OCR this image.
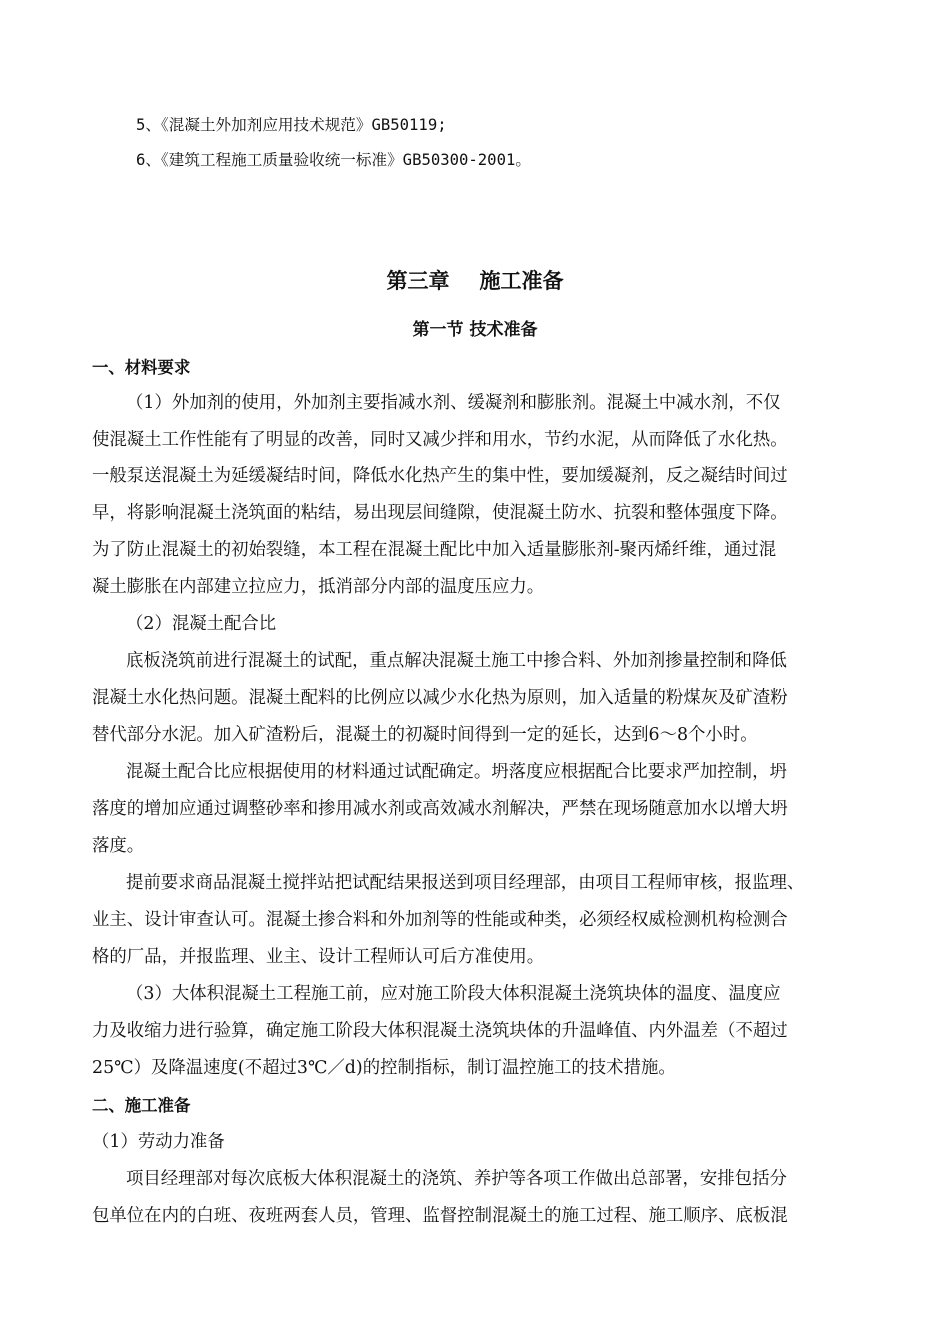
5、《混凝土外加剂应用技术规范》GB50119;
6、《建筑工程施工质量验收统一标准》GB50300-2001。
第三章 施工准备
第一节 技术准备
一、材料要求
（1）外加剂的使用，外加剂主要指减水剂、缓凝剂和膨胀剂。混凝土中减水剂，不仅
使混凝土工作性能有了明显的改善，同时又减少拌和用水，节约水泥，从而降低了水化热。
一般泵送混凝土为延缓凝结时间，降低水化热产生的集中性，要加缓凝剂，反之凝结时间过
早，将影响混凝土浇筑面的粘结，易出现层间缝隙，使混凝土防水、抗裂和整体强度下降。
为了防止混凝土的初始裂缝，本工程在混凝土配比中加入适量膨胀剂-聚丙烯纤维，通过混
凝土膨胀在内部建立拉应力，抵消部分内部的温度压应力。
（2）混凝土配合比
底板浇筑前进行混凝土的试配，重点解决混凝土施工中掺合料、外加剂掺量控制和降低
混凝土水化热问题。混凝土配料的比例应以减少水化热为原则，加入适量的粉煤灰及矿渣粉
替代部分水泥。加入矿渣粉后，混凝土的初凝时间得到一定的延长，达到6～8个小时。
混凝土配合比应根据使用的材料通过试配确定。坍落度应根据配合比要求严加控制，坍
落度的增加应通过调整砂率和掺用减水剂或高效减水剂解决，严禁在现场随意加水以增大坍
落度。
提前要求商品混凝土搅拌站把试配结果报送到项目经理部，由项目工程师审核，报监理、
业主、设计审查认可。混凝土掺合料和外加剂等的性能或种类，必须经权威检测机构检测合
格的厂品，并报监理、业主、设计工程师认可后方准使用。
（3）大体积混凝土工程施工前，应对施工阶段大体积混凝土浇筑块体的温度、温度应
力及收缩力进行验算，确定施工阶段大体积混凝土浇筑块体的升温峰值、内外温差（不超过
25℃）及降温速度(不超过3℃／d)的控制指标，制订温控施工的技术措施。
二、施工准备
（1）劳动力准备
项目经理部对每次底板大体积混凝土的浇筑、养护等各项工作做出总部署，安排包括分
包单位在内的白班、夜班两套人员，管理、监督控制混凝土的施工过程、施工顺序、底板混
